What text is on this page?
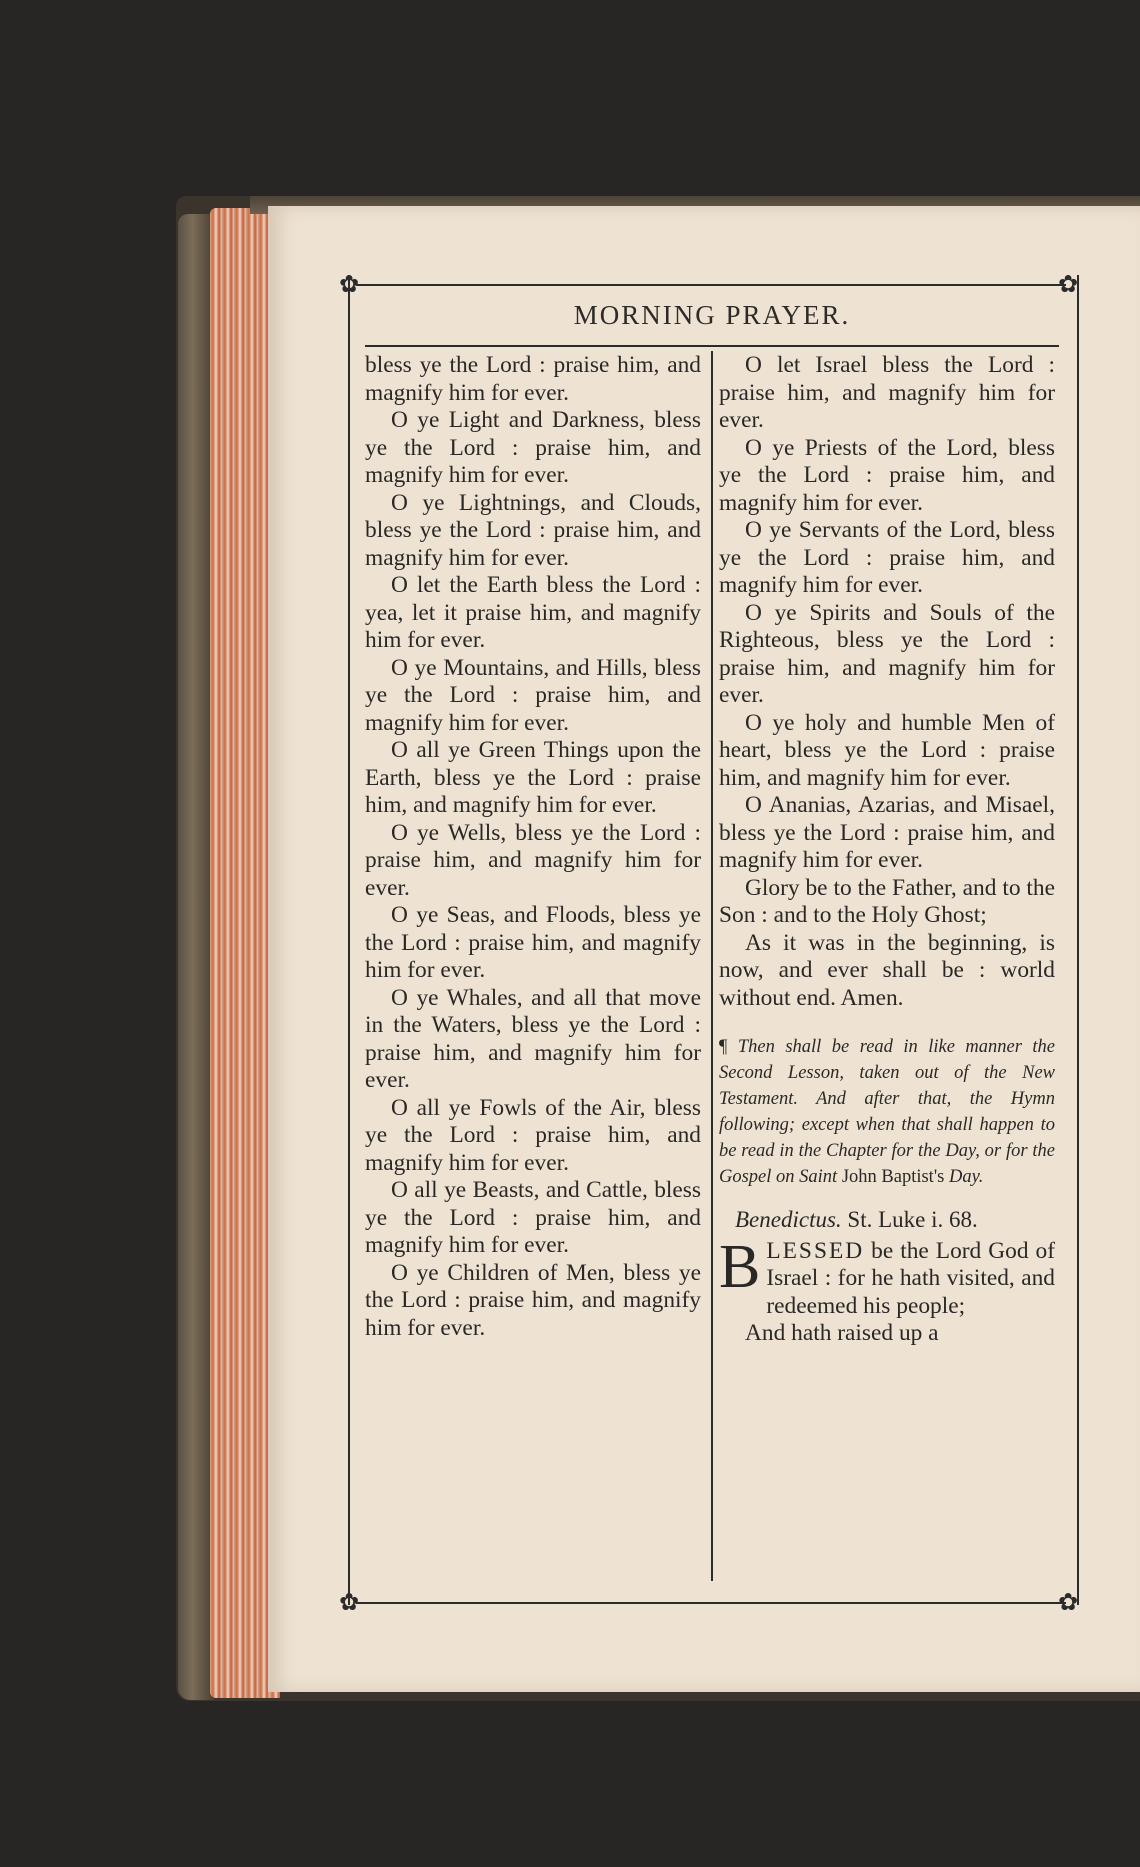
✿	✿
✿	✿
MORNING PRAYER.

bless ye the Lord : praise him, and magnify him for ever.

O ye Light and Darkness, bless ye the Lord : praise him, and magnify him for ever.

O ye Lightnings, and Clouds, bless ye the Lord : praise him, and magnify him for ever.

O let the Earth bless the Lord : yea, let it praise him, and magnify him for ever.

O ye Mountains, and Hills, bless ye the Lord : praise him, and magnify him for ever.

O all ye Green Things upon the Earth, bless ye the Lord : praise him, and magnify him for ever.

O ye Wells, bless ye the Lord : praise him, and magnify him for ever.

O ye Seas, and Floods, bless ye the Lord : praise him, and magnify him for ever.

O ye Whales, and all that move in the Waters, bless ye the Lord : praise him, and magnify him for ever.

O all ye Fowls of the Air, bless ye the Lord : praise him, and magnify him for ever.

O all ye Beasts, and Cattle, bless ye the Lord : praise him, and magnify him for ever.

O ye Children of Men, bless ye the Lord : praise him, and magnify him for ever.

O let Israel bless the Lord : praise him, and magnify him for ever.

O ye Priests of the Lord, bless ye the Lord : praise him, and magnify him for ever.

O ye Servants of the Lord, bless ye the Lord : praise him, and magnify him for ever.

O ye Spirits and Souls of the Righteous, bless ye the Lord : praise him, and magnify him for ever.

O ye holy and humble Men of heart, bless ye the Lord : praise him, and magnify him for ever.

O Ananias, Azarias, and Misael, bless ye the Lord : praise him, and magnify him for ever.

Glory be to the Father, and to the Son : and to the Holy Ghost;

As it was in the beginning, is now, and ever shall be : world without end. Amen.

¶ Then shall be read in like manner the Second Lesson, taken out of the New Testament. And after that, the Hymn following; except when that shall happen to be read in the Chapter for the Day, or for the Gospel on Saint John Baptist's Day.

Benedictus. St. Luke i. 68.

BLESSED be the Lord God of Israel : for he hath visited, and redeemed his people;

And hath raised up a
